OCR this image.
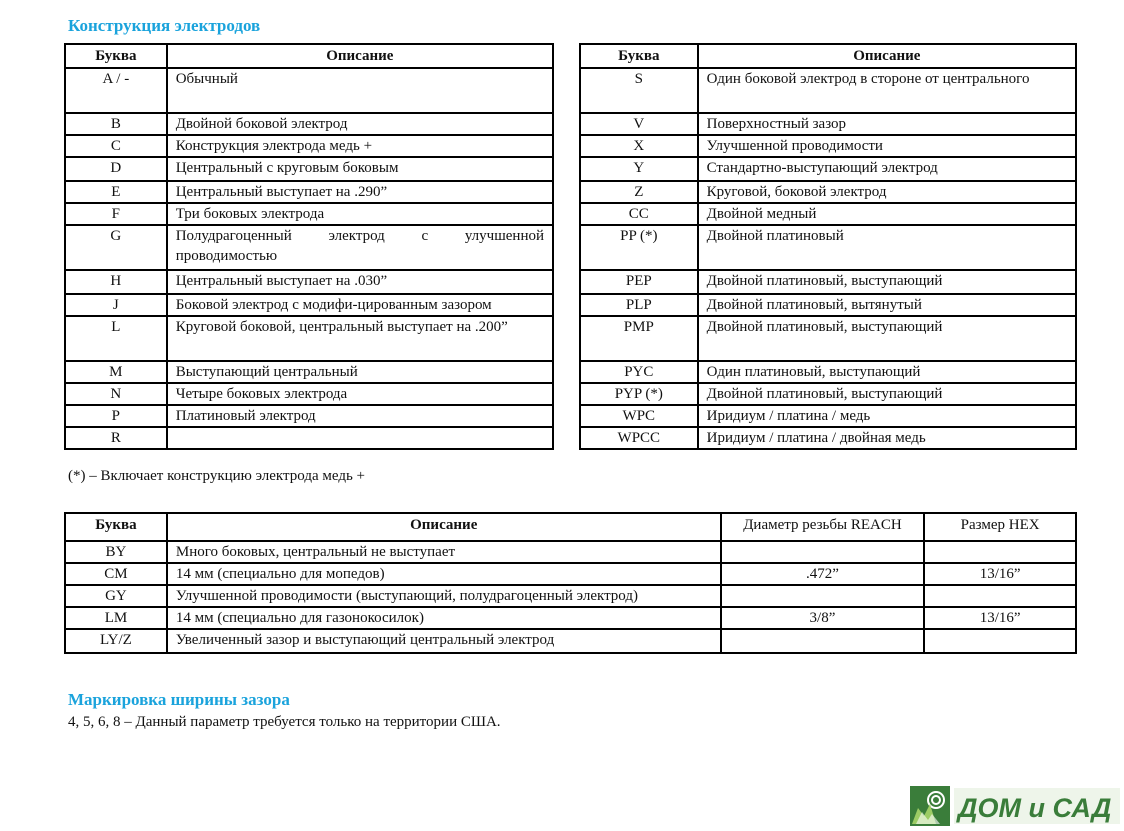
Конструкция электродов
Буква	Описание
A / -	Обычный
B	Двойной боковой электрод
C	Конструкция электрода медь +
D	Центральный с круговым боковым
E	Центральный выступает на .290”
F	Три боковых электрода
G	Полудрагоценный электрод с улучшенной проводимостью
H	Центральный выступает на .030”
J	Боковой электрод с модифи-цированным зазором
L	Круговой боковой, центральный выступает на .200”
M	Выступающий центральный
N	Четыре боковых электрода
P	Платиновый электрод
R	
Буква	Описание
S	Один боковой электрод в стороне от центрального
V	Поверхностный зазор
X	Улучшенной проводимости
Y	Стандартно-выступающий электрод
Z	Круговой, боковой электрод
CC	Двойной медный
PP (*)	Двойной платиновый
PEP	Двойной платиновый, выступающий
PLP	Двойной платиновый, вытянутый
PMP	Двойной платиновый, выступающий
PYC	Один платиновый, выступающий
PYP (*)	Двойной платиновый, выступающий
WPC	Иридиум / платина / медь
WPCC	Иридиум / платина / двойная медь

(*) – Включает конструкцию электрода медь +

Буква	Описание	Диаметр резьбы REACH	Размер HEX
BY	Много боковых, центральный не выступает		
CM	14 мм (специально для мопедов)	.472”	13/16”
GY	Улучшенной проводимости (выступающий, полудрагоценный электрод)		
LM	14 мм (специально для газонокосилок)	3/8”	13/16”
LY/Z	Увеличенный зазор и выступающий центральный электрод		
Маркировка ширины зазора

4, 5, 6, 8 – Данный параметр требуется только на территории США.

ДОМ и САД
